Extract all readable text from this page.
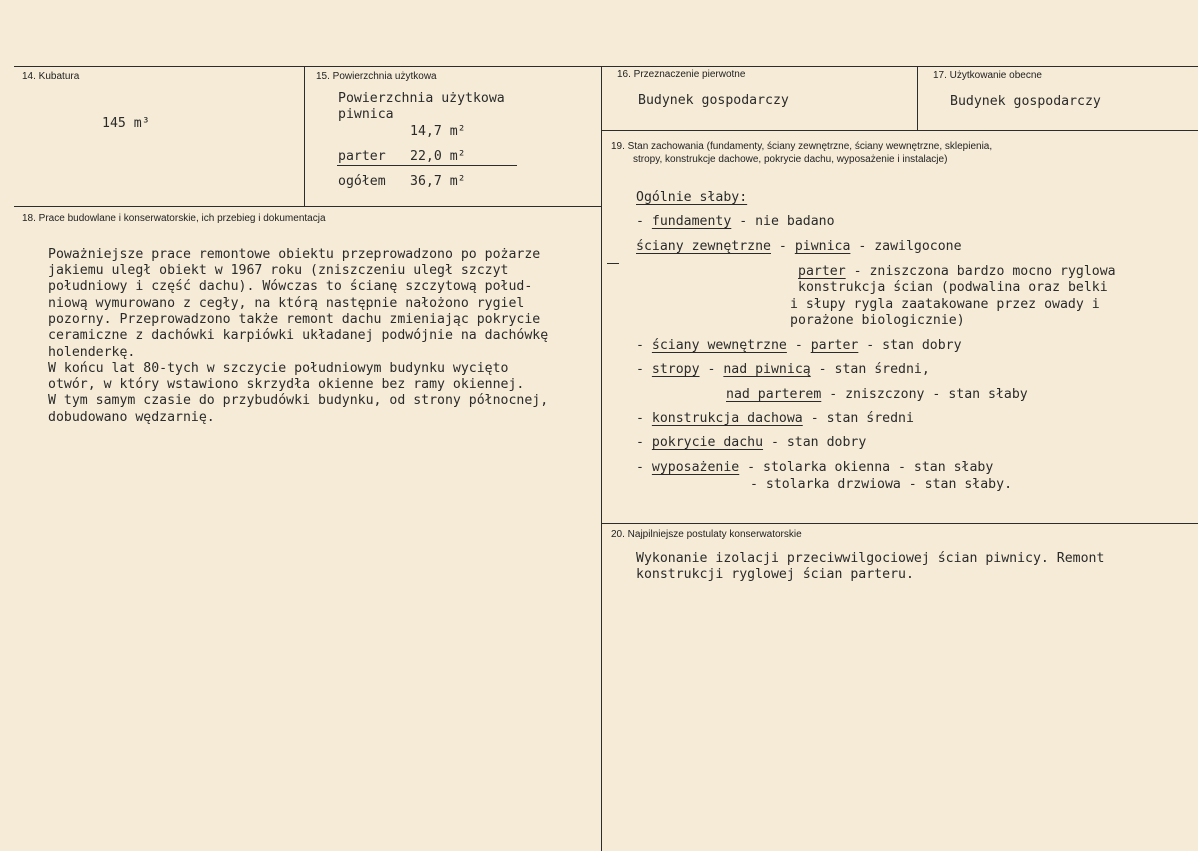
14. Kubatura
145 m³
15. Powierzchnia użytkowa
Powierzchnia użytkowa
piwnica
14,7 m²
parter 22,0 m²
ogółem 36,7 m²
16. Przeznaczenie pierwotne
Budynek gospodarczy
17. Użytkowanie obecne
Budynek gospodarczy
18. Prace budowlane i konserwatorskie, ich przebieg i dokumentacja
Poważniejsze prace remontowe obiektu przeprowadzono po pożarze
jakiemu uległ obiekt w 1967 roku (zniszczeniu uległ szczyt
południowy i część dachu). Wówczas to ścianę szczytową połud-
niową wymurowano z cegły, na którą następnie nałożono rygiel
pozorny. Przeprowadzono także remont dachu zmieniając pokrycie
ceramiczne z dachówki karpiówki układanej podwójnie na dachówkę
holenderkę.
W końcu lat 80-tych w szczycie południowym budynku wycięto
otwór, w który wstawiono skrzydła okienne bez ramy okiennej.
W tym samym czasie do przybudówki budynku, od strony północnej,
dobudowano wędzarnię.
19. Stan zachowania (fundamenty, ściany zewnętrzne, ściany wewnętrzne, sklepienia,
stropy, konstrukcje dachowe, pokrycie dachu, wyposażenie i instalacje)
Ogólnie słaby:
- fundamenty - nie badano
ściany zewnętrzne - piwnica - zawilgocone
parter - zniszczona bardzo mocno ryglowa
konstrukcja ścian (podwalina oraz belki
i słupy rygla zaatakowane przez owady i
porażone biologicznie)
- ściany wewnętrzne - parter - stan dobry
- stropy - nad piwnicą - stan średni,
nad parterem - zniszczony - stan słaby
- konstrukcja dachowa - stan średni
- pokrycie dachu - stan dobry
- wyposażenie - stolarka okienna - stan słaby
- stolarka drzwiowa - stan słaby.
20. Najpilniejsze postulaty konserwatorskie
Wykonanie izolacji przeciwwilgociowej ścian piwnicy. Remont
konstrukcji ryglowej ścian parteru.
